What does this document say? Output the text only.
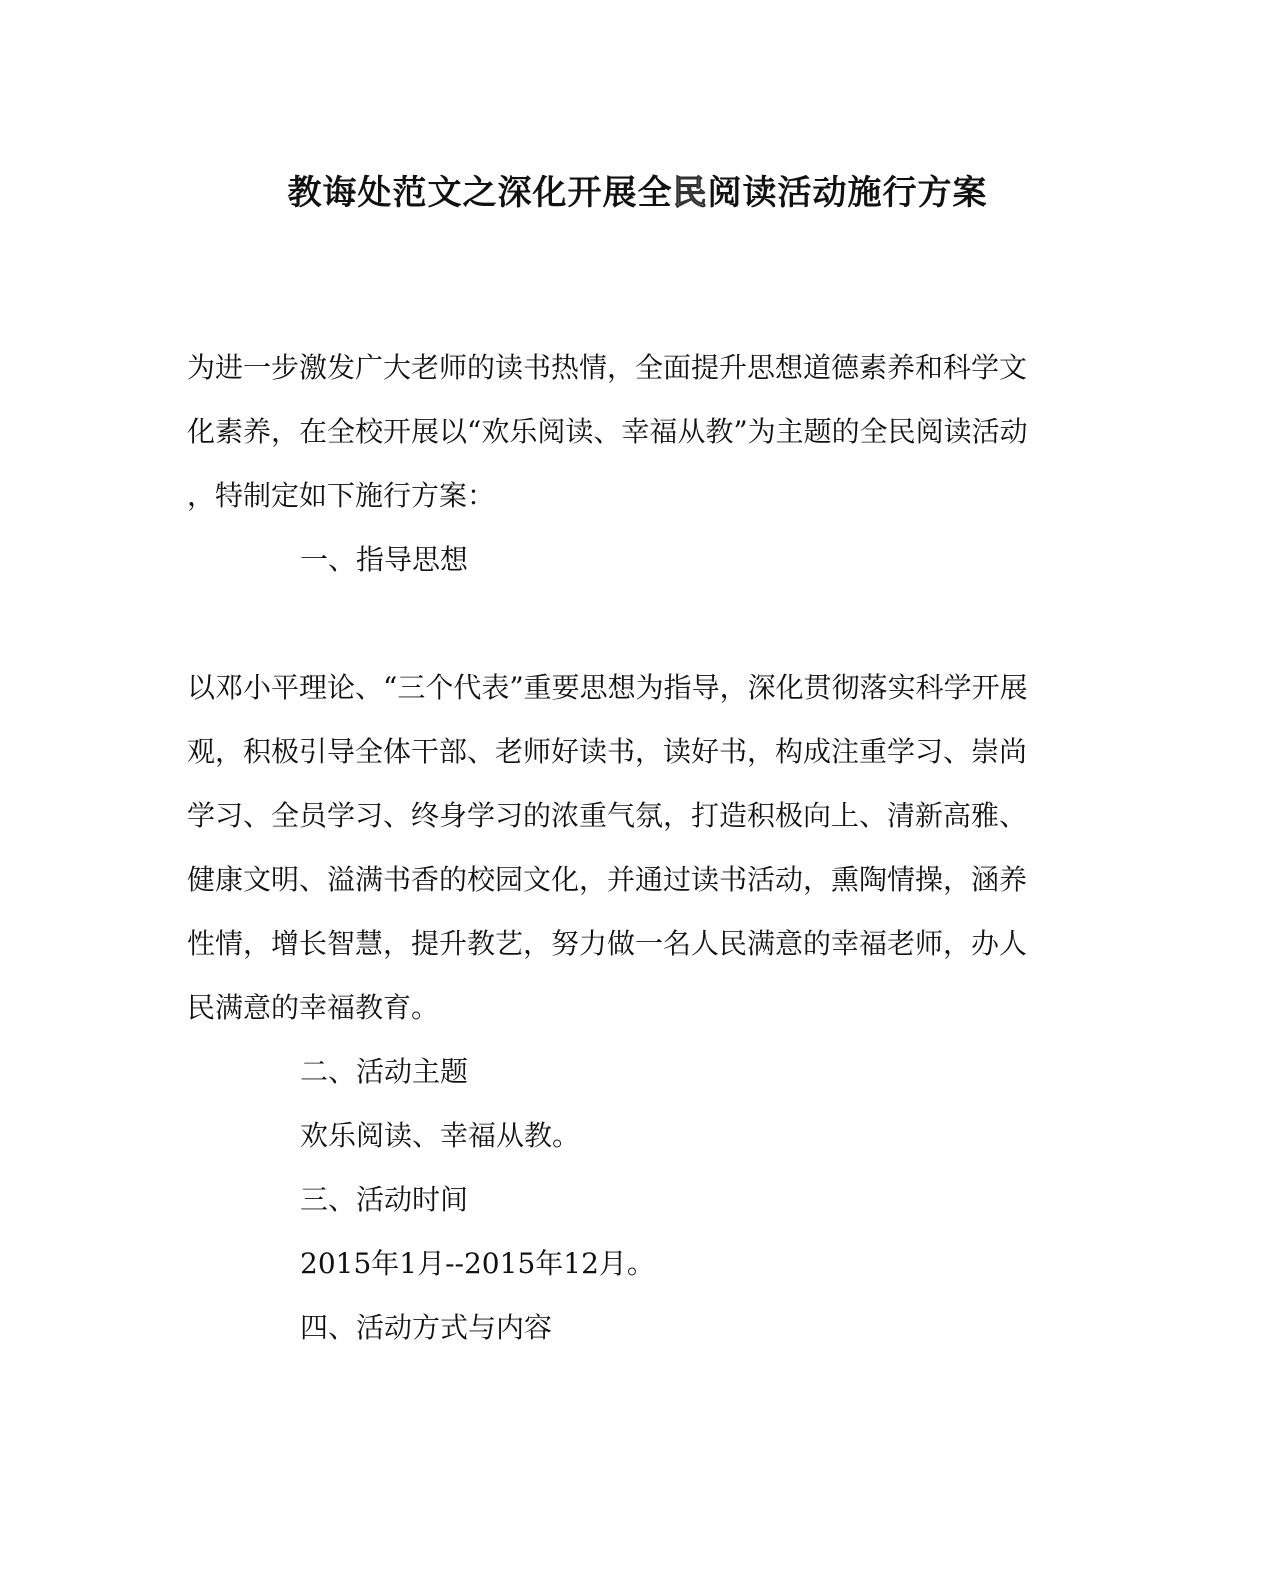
教诲处范文之深化开展全民阅读活动施行方案
为进一步激发广大老师的读书热情，全面提升思想道德素养和科学文
化素养，在全校开展以“欢乐阅读、幸福从教”为主题的全民阅读活动
，特制定如下施行方案：
一、指导思想
以邓小平理论、“三个代表”重要思想为指导，深化贯彻落实科学开展
观，积极引导全体干部、老师好读书，读好书，构成注重学习、崇尚
学习、全员学习、终身学习的浓重气氛，打造积极向上、清新高雅、
健康文明、溢满书香的校园文化，并通过读书活动，熏陶情操，涵养
性情，增长智慧，提升教艺，努力做一名人民满意的幸福老师，办人
民满意的幸福教育。
二、活动主题
欢乐阅读、幸福从教。
三、活动时间
2015年1月--2015年12月。
四、活动方式与内容
